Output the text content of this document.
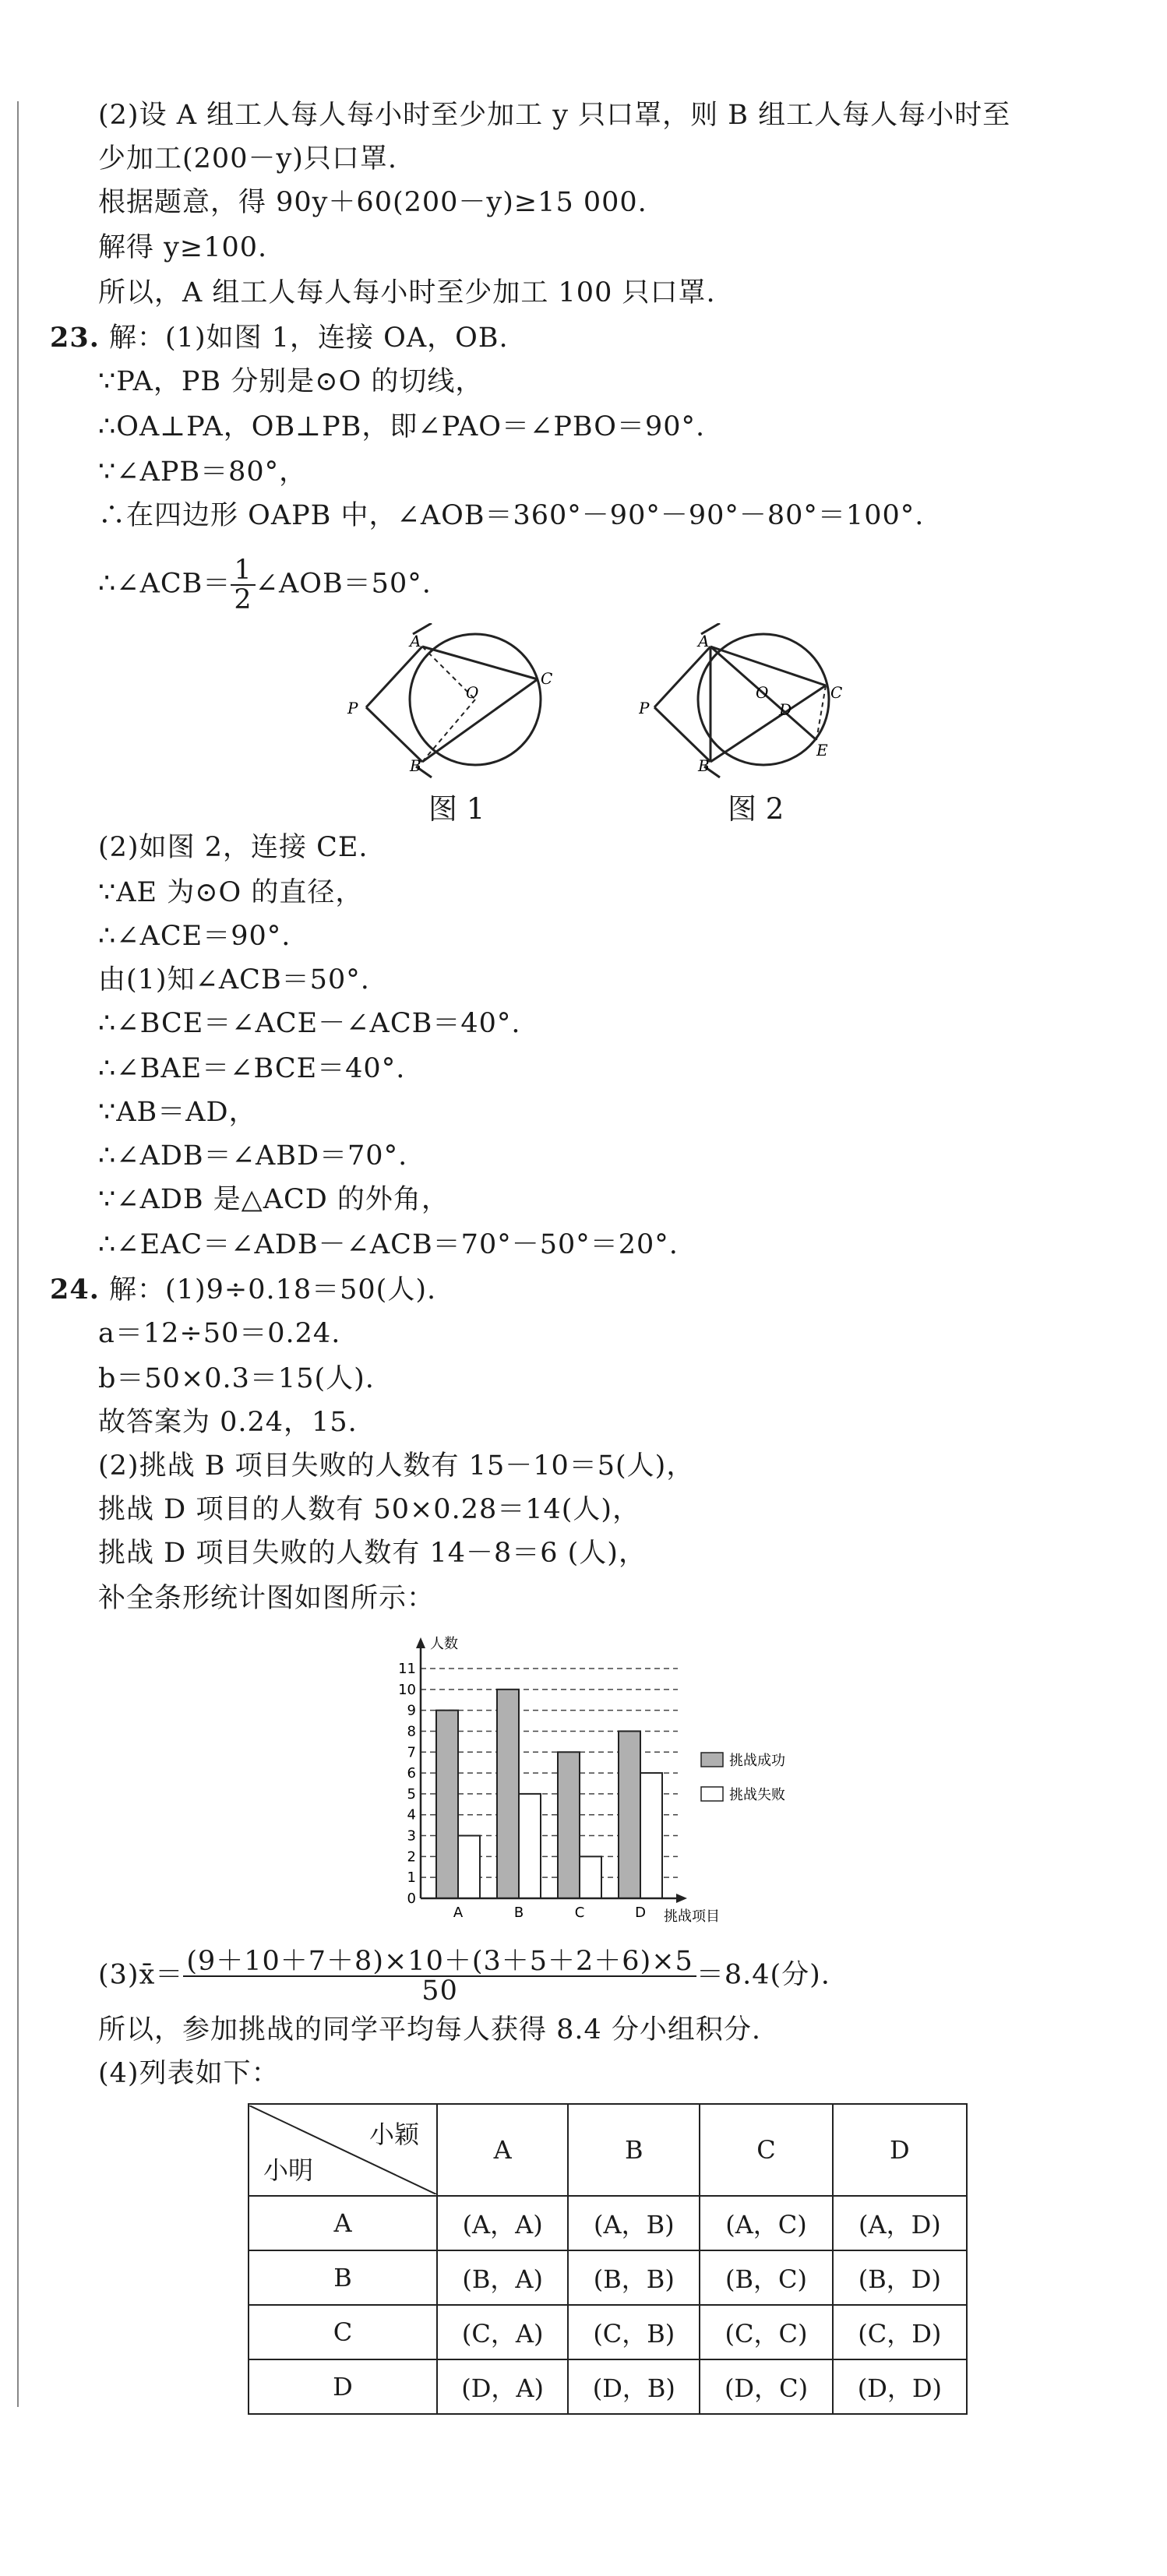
(2)设 A 组工人每人每小时至少加工 y 只口罩，则 B 组工人每人每小时至
少加工(200－y)只口罩.
根据题意，得 90y＋60(200－y)≥15 000.
解得 y≥100.
所以，A 组工人每人每小时至少加工 100 只口罩.
23. 解：(1)如图 1，连接 OA，OB.
∵PA，PB 分别是⊙O 的切线，
∴OA⊥PA，OB⊥PB，即∠PAO＝∠PBO＝90°.
∵∠APB＝80°，
∴在四边形 OAPB 中，∠AOB＝360°－90°－90°－80°＝100°.
∴∠ACB＝ $\frac{1}{2}$ ∠AOB＝50°.
A
B
C
P
O
图 1
A
B
C
P
O
D
E
图 2
(2)如图 2，连接 CE.
∵AE 为⊙O 的直径，
∴∠ACE＝90°.
由(1)知∠ACB＝50°.
∴∠BCE＝∠ACE－∠ACB＝40°.
∴∠BAE＝∠BCE＝40°.
∵AB＝AD，
∴∠ADB＝∠ABD＝70°.
∵∠ADB 是△ACD 的外角，
∴∠EAC＝∠ADB－∠ACB＝70°－50°＝20°.
24. 解：(1)9÷0.18＝50(人).
a＝12÷50＝0.24.
b＝50×0.3＝15(人).
故答案为 0.24，15.
(2)挑战 B 项目失败的人数有 15－10＝5(人)，
挑战 D 项目的人数有 50×0.28＝14(人)，
挑战 D 项目失败的人数有 14－8＝6 (人)，
补全条形统计图如图所示：
0
1
2
3
4
5
6
7
8
9
10
11
A	B	C	D
人数
挑战项目
挑战成功
挑战失败
(3)x̄＝ $\frac{(9+10+7+8)\times 10+(3+5+2+6)\times 5}{50} =8.4$(分).
所以，参加挑战的同学平均每人获得 8.4 分小组积分.
(4)列表如下：
小颖
小明	A	B	C	D
A	(A，A)	(A，B)	(A，C)	(A，D)
B	(B，A)	(B，B)	(B，C)	(B，D)
C	(C，A)	(C，B)	(C，C)	(C，D)
D	(D，A)	(D，B)	(D，C)	(D，D)
